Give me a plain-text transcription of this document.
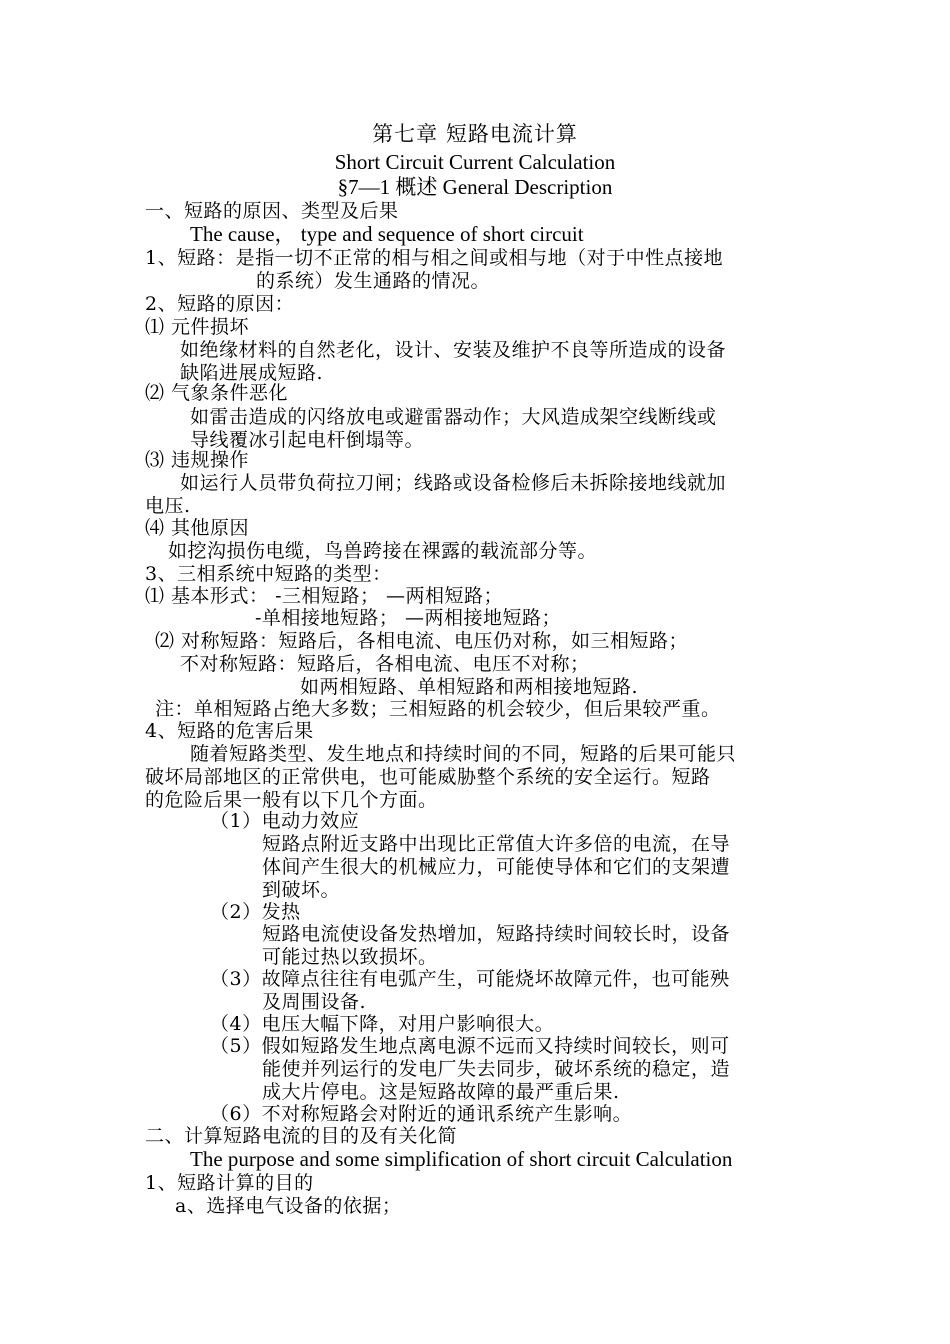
第七章 短路电流计算
Short Circuit Current Calculation
§7—1 概述 General Description
一、短路的原因、类型及后果
The cause， type and sequence of short circuit
1、短路：是指一切不正常的相与相之间或相与地（对于中性点接地
的系统）发生通路的情况。
2、短路的原因：
⑴ 元件损坏
如绝缘材料的自然老化，设计、安装及维护不良等所造成的设备
缺陷进展成短路.
⑵ 气象条件恶化
如雷击造成的闪络放电或避雷器动作；大风造成架空线断线或
导线覆冰引起电杆倒塌等。
⑶ 违规操作
如运行人员带负荷拉刀闸；线路或设备检修后未拆除接地线就加
电压.
⑷ 其他原因
如挖沟损伤电缆，鸟兽跨接在裸露的载流部分等。
3、三相系统中短路的类型：
⑴ 基本形式： -三相短路； —两相短路；
-单相接地短路； —两相接地短路；
⑵ 对称短路：短路后，各相电流、电压仍对称，如三相短路；
不对称短路：短路后，各相电流、电压不对称；
如两相短路、单相短路和两相接地短路.
注：单相短路占绝大多数；三相短路的机会较少，但后果较严重。
4、短路的危害后果
随着短路类型、发生地点和持续时间的不同，短路的后果可能只
破坏局部地区的正常供电，也可能威胁整个系统的安全运行。短路
的危险后果一般有以下几个方面。
（1）电动力效应
短路点附近支路中出现比正常值大许多倍的电流，在导
体间产生很大的机械应力，可能使导体和它们的支架遭
到破坏。
（2）发热
短路电流使设备发热增加，短路持续时间较长时，设备
可能过热以致损坏。
（3）故障点往往有电弧产生，可能烧坏故障元件，也可能殃
及周围设备.
（4）电压大幅下降，对用户影响很大。
（5）假如短路发生地点离电源不远而又持续时间较长，则可
能使并列运行的发电厂失去同步，破坏系统的稳定，造
成大片停电。这是短路故障的最严重后果.
（6）不对称短路会对附近的通讯系统产生影响。
二、计算短路电流的目的及有关化简
The purpose and some simplification of short circuit Calculation
1、短路计算的目的
a、选择电气设备的依据；
